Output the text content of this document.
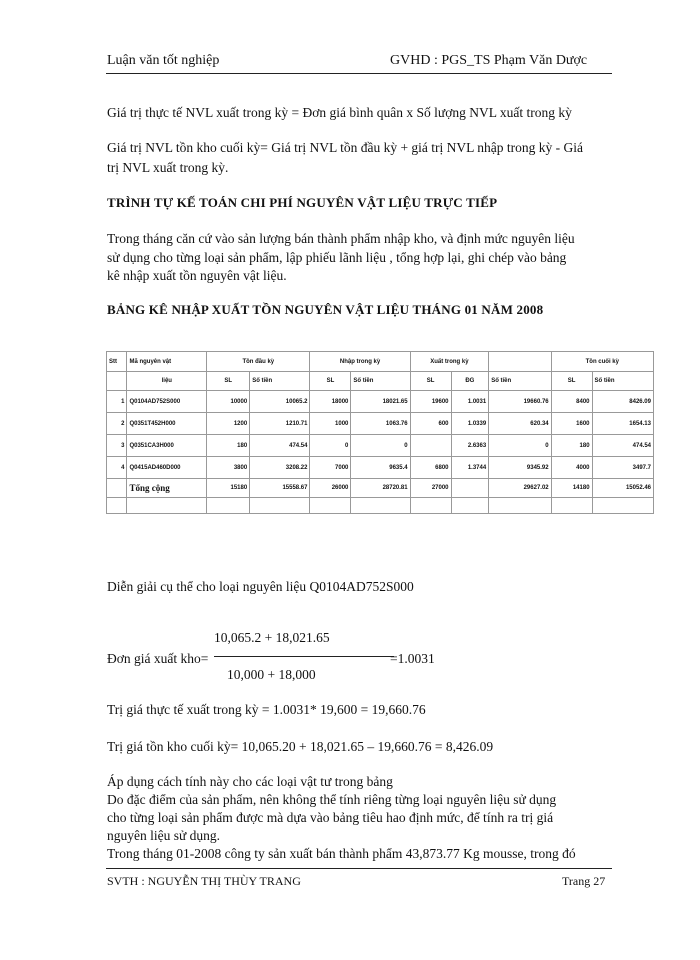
Luận văn tốt nghiệp	GVHD : PGS_TS Phạm Văn Dược
Giá trị thực tế NVL xuất trong kỳ = Đơn giá bình quân x Số lượng NVL xuất trong kỳ
Giá trị NVL tồn kho cuối kỳ= Giá trị NVL tồn đầu kỳ + giá trị NVL nhập trong kỳ - Giá
trị NVL xuất trong kỳ.
TRÌNH TỰ KẾ TOÁN CHI PHÍ NGUYÊN VẬT LIỆU TRỰC TIẾP
Trong tháng căn cứ vào sản lượng bán thành phẩm nhập kho, và định mức nguyên liệu
sử dụng cho từng loại sản phẩm, lập phiếu lãnh liệu , tổng hợp lại, ghi chép vào bảng
kê nhập xuất tồn nguyên vật liệu.
BẢNG KÊ NHẬP XUẤT TỒN NGUYÊN VẬT LIỆU THÁNG 01 NĂM 2008
Stt	Mã nguyên vật	Tồn đầu kỳ		Nhập trong kỳ		Xuất trong kỳ			Tồn cuối kỳ	
	liệu	SL	Số tiền	SL	Số tiền	SL	ĐG	Số tiền	SL	Số tiền
1	Q0104AD752S000	10000	10065.2	18000	18021.65	19600	1.0031	19660.76	8400	8426.09
2	Q0351T452H000	1200	1210.71	1000	1063.76	600	1.0339	620.34	1600	1654.13
3	Q0351CA3H000	180	474.54	0	0		2.6363	0	180	474.54
4	Q0415AD460D000	3800	3208.22	7000	9635.4	6800	1.3744	9345.92	4000	3497.7
	Tổng cộng	15180	15558.67	26000	28720.81	27000		29627.02	14180	15052.46

Diễn giải cụ thể cho loại nguyên liệu Q0104AD752S000
10,065.2 + 18,021.65
Đơn giá xuất kho=	=1.0031
10,000 + 18,000
Trị giá thực tế xuất trong kỳ = 1.0031* 19,600 = 19,660.76
Trị giá tồn kho cuối kỳ= 10,065.20 + 18,021.65 – 19,660.76 = 8,426.09
Áp dụng cách tính này cho các loại vật tư trong bảng
Do đặc điểm của sản phẩm, nên không thể tính riêng từng loại nguyên liệu sử dụng
cho từng loại sản phẩm được mà dựa vào bảng tiêu hao định mức, để tính ra trị giá
nguyên liệu sử dụng.
Trong tháng 01-2008 công ty sản xuất bán thành phẩm 43,873.77 Kg mousse, trong đó
SVTH : NGUYỄN THỊ THÙY TRANG	Trang 27
